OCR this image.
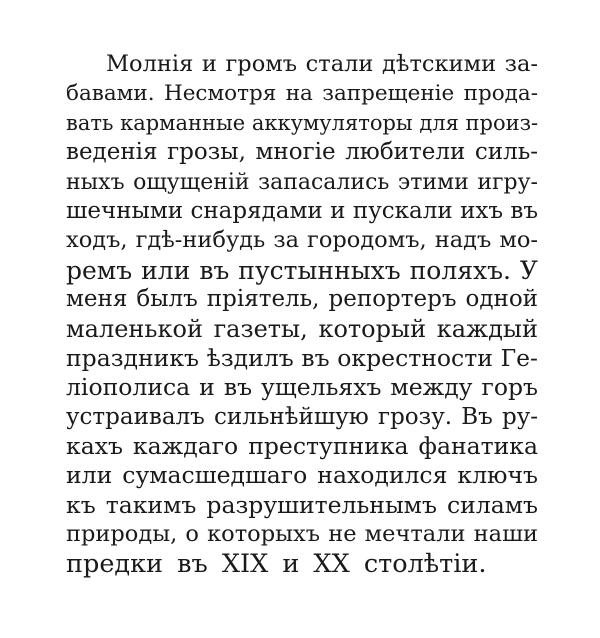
Молнія и громъ стали дѣтскими за-
бавами. Несмотря на запрещеніе прода-
вать карманные аккумуляторы для произ-
веденія грозы, многіе любители силь-
ныхъ ощущеній запасались этими игру-
шечными снарядами и пускали ихъ въ
ходъ, гдѣ-нибудь за городомъ, надъ мо-
ремъ или въ пустынныхъ поляхъ. У
меня былъ пріятель, репортеръ одной
маленькой газеты, который каждый
праздникъ ѣздилъ въ окрестности Ге-
ліополиса и въ ущельяхъ между горъ
устраивалъ сильнѣйшую грозу. Въ ру-
кахъ каждаго преступника фанатика
или сумасшедшаго находился ключъ
къ такимъ разрушительнымъ силамъ
природы, о которыхъ не мечтали наши
предки въ XIX и XX столѣтіи.
